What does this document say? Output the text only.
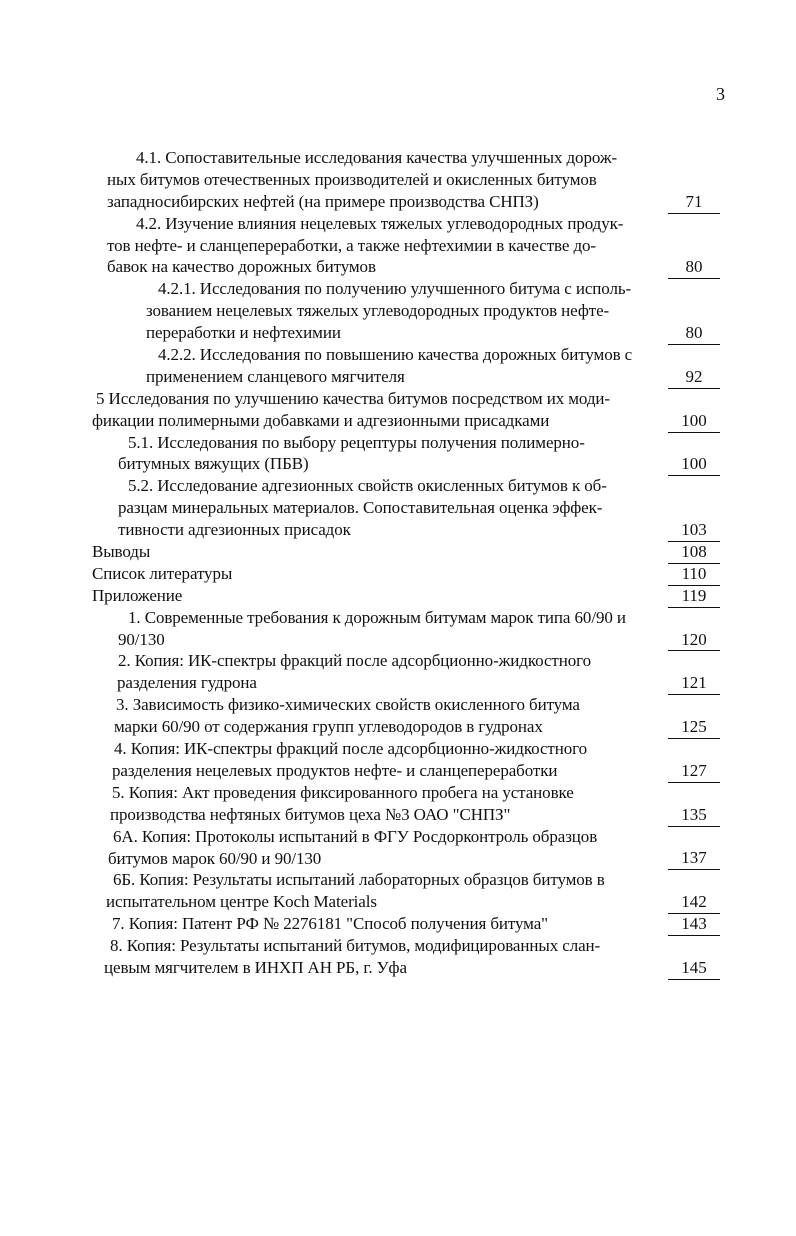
3
4.1. Сопоставительные исследования качества улучшенных дорож-
ных битумов отечественных производителей и окисленных битумов
западносибирских нефтей (на примере производства СНПЗ)	71
4.2. Изучение влияния нецелевых тяжелых углеводородных продук-
тов нефте- и сланцепереработки, а также нефтехимии в качестве до-
бавок на качество дорожных битумов	80
4.2.1. Исследования по получению улучшенного битума с исполь-
зованием нецелевых тяжелых углеводородных продуктов нефте-
переработки и нефтехимии	80
4.2.2. Исследования по повышению качества дорожных битумов с
применением сланцевого мягчителя	92
5 Исследования по улучшению качества битумов посредством их моди-
фикации полимерными добавками и адгезионными присадками	100
5.1. Исследования по выбору рецептуры получения полимерно-
битумных вяжущих (ПБВ)	100
5.2. Исследование адгезионных свойств окисленных битумов к об-
разцам минеральных материалов. Сопоставительная оценка эффек-
тивности адгезионных присадок	103
Выводы	108
Список литературы	110
Приложение	119
1. Современные требования к дорожным битумам марок типа 60/90 и
90/130	120
2. Копия: ИК-спектры фракций после адсорбционно-жидкостного
разделения гудрона	121
3. Зависимость физико-химических свойств окисленного битума
марки 60/90 от содержания групп углеводородов в гудронах	125
4. Копия: ИК-спектры фракций после адсорбционно-жидкостного
разделения нецелевых продуктов нефте- и сланцепереработки	127
5. Копия: Акт проведения фиксированного пробега на установке
производства нефтяных битумов цеха №3 ОАО "СНПЗ"	135
6А. Копия: Протоколы испытаний в ФГУ Росдорконтроль образцов
битумов марок 60/90 и 90/130	137
6Б. Копия: Результаты испытаний лабораторных образцов битумов в
испытательном центре Koch Materials	142
7. Копия: Патент РФ № 2276181 "Способ получения битума"	143
8. Копия: Результаты испытаний битумов, модифицированных слан-
цевым мягчителем в ИНХП АН РБ, г. Уфа	145
